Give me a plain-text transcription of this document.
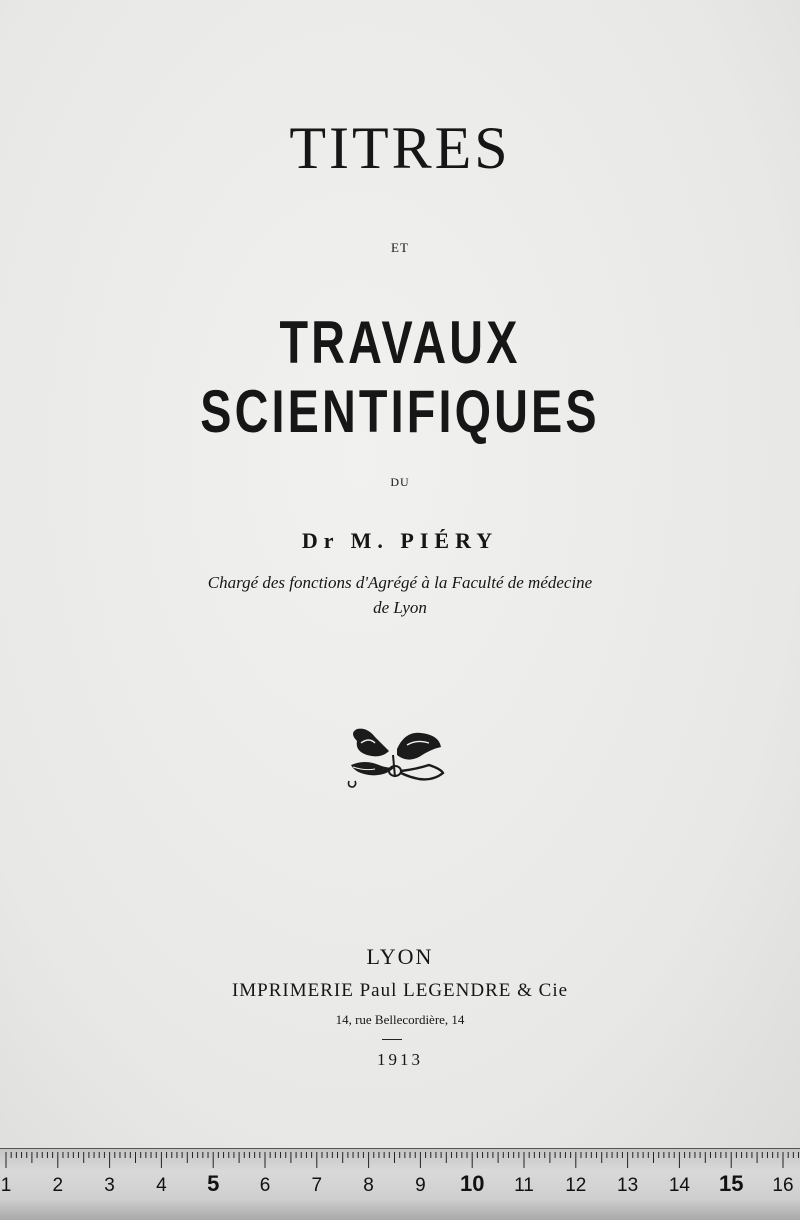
TITRES
ET
TRAVAUX SCIENTIFIQUES
DU
Dr M. PIÉRY
Chargé des fonctions d'Agrégé à la Faculté de médecine
de Lyon
LYON
IMPRIMERIE Paul LEGENDRE & Cie
14, rue Bellecordière, 14
1913
1 2 3 4 5 6 7 8 9 10 11 12 13 14 15 16
